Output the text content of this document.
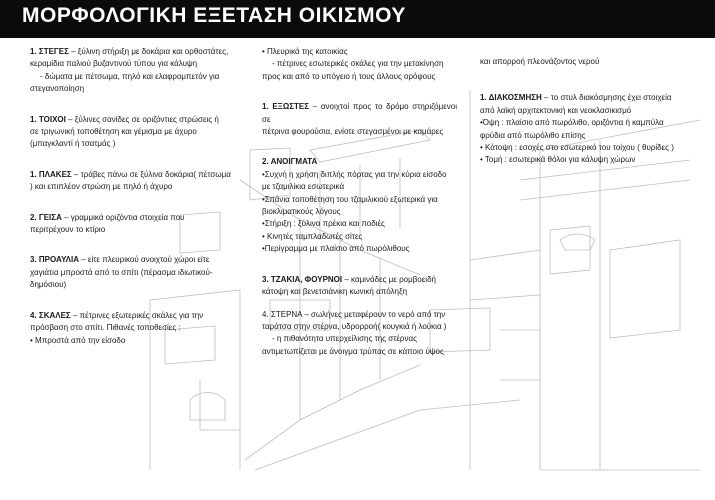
ΜΟΡΦΟΛΟΓΙΚΗ ΕΞΕΤΑΣΗ ΟΙΚΙΣΜΟΥ

1. ΣΤΕΓΕΣ – ξύλινη στήριξη με δοκάρια και ορθοστάτες,

κεραμίδια παλιού βυζαντινού τύπου για κάλυψη

- δώματα με πέτσωμα, πηλό και ελαφρομπετόν για

στεγανοποίηση

1. ΤΟΙΧΟΙ – ξύλινες σανίδες σε οριζόντιες στρώσεις ή

σε τριγωνική τοποθέτηση και γέμισμα με άχυρο

(μπαγκλαντί ή τσατμάς )

1. ΠΛΑΚΕΣ – τράβες πάνω σε ξύλινα δοκάρια( πέτσωμα

) και επιπλέον στρώση με πηλό ή άχυρο

2. ΓΕΙΣΑ – γραμμικά οριζόντια στοιχεία που

περιτρέχουν το κτίριο

3. ΠΡΟΑΥΛΙΑ – είτε πλευρικού ανοιχτού χώροι είτε

χαγιάτια μπροστά από το σπίτι (πέρασμα ιδιωτικού-

δημόσιου)

4. ΣΚΑΛΕΣ – πέτρινες εξωτερικές σκάλες για την

πρόσβαση στο σπίτι. Πιθανές τοποθεσίες :

• Μπροστά από την είσοδο

• Πλευρικά της κατοικίας

- πέτρινες εσωτερικές σκάλες για την μετακίνηση

προς και από το υπόγειο ή τους άλλους ορόφους

1. ΕΞΩΣΤΕΣ – ανοιχτοί προς το δρόμο στηριζόμενοι σε

πέτρινα φουρούσια, ενίοτε στεγασμένοι με καμάρες

2. ΑΝΟΙΓΜΑΤΑ

•Συχνή η χρήση διπλής πόρτας για την κύρια είσοδο

με τζαμιλίκια εσωτερικά

•Σπάνια τοποθέτηση του τζαμιλικιού εξωτερικά για

βιοκλιματικούς λόγους

•Στήριξη : ξύλινα πρέκια και ποδιές

• Κινητές ταμπλαδωτές σίτες

•Περίγραμμα με πλαίσιο από πωρόλιθους

3. ΤΖΑΚΙΑ, ΦΟΥΡΝΟΙ – καμινάδες με ρομβοειδή

κάτοψη και βενετσιάνικη κωνική απόληξη

4. ΣΤΕΡΝΑ – σωλήνες μεταφέρουν το νερό από την

ταράτσα στην στέρνα, υδρορροή( κουγκιά ή λούκια )

- η πιθανότητα υπερχείλισης της στέρνας

αντιμετωπίζεται με άνοιγμα τρύπας σε κάποιο ύψος

και απορροή πλεονάζοντος νερού

1. ΔΙΑΚΟΣΜΗΣΗ – το στυλ διακόσμησης έχει στοιχεία

από λαϊκή αρχιτεκτονική και νεοκλασικισμό

•Όψη : πλαίσιο από πωρόλιθο, οριζόντια ή καμπύλα

φρύδια από πωρόλιθο επίσης

• Κάτοψη : εσοχές στο εσωτερικό του τοίχου ( θυρίδες )

• Τομή : εσωτερικά θόλοι για κάλυψη χώρων
